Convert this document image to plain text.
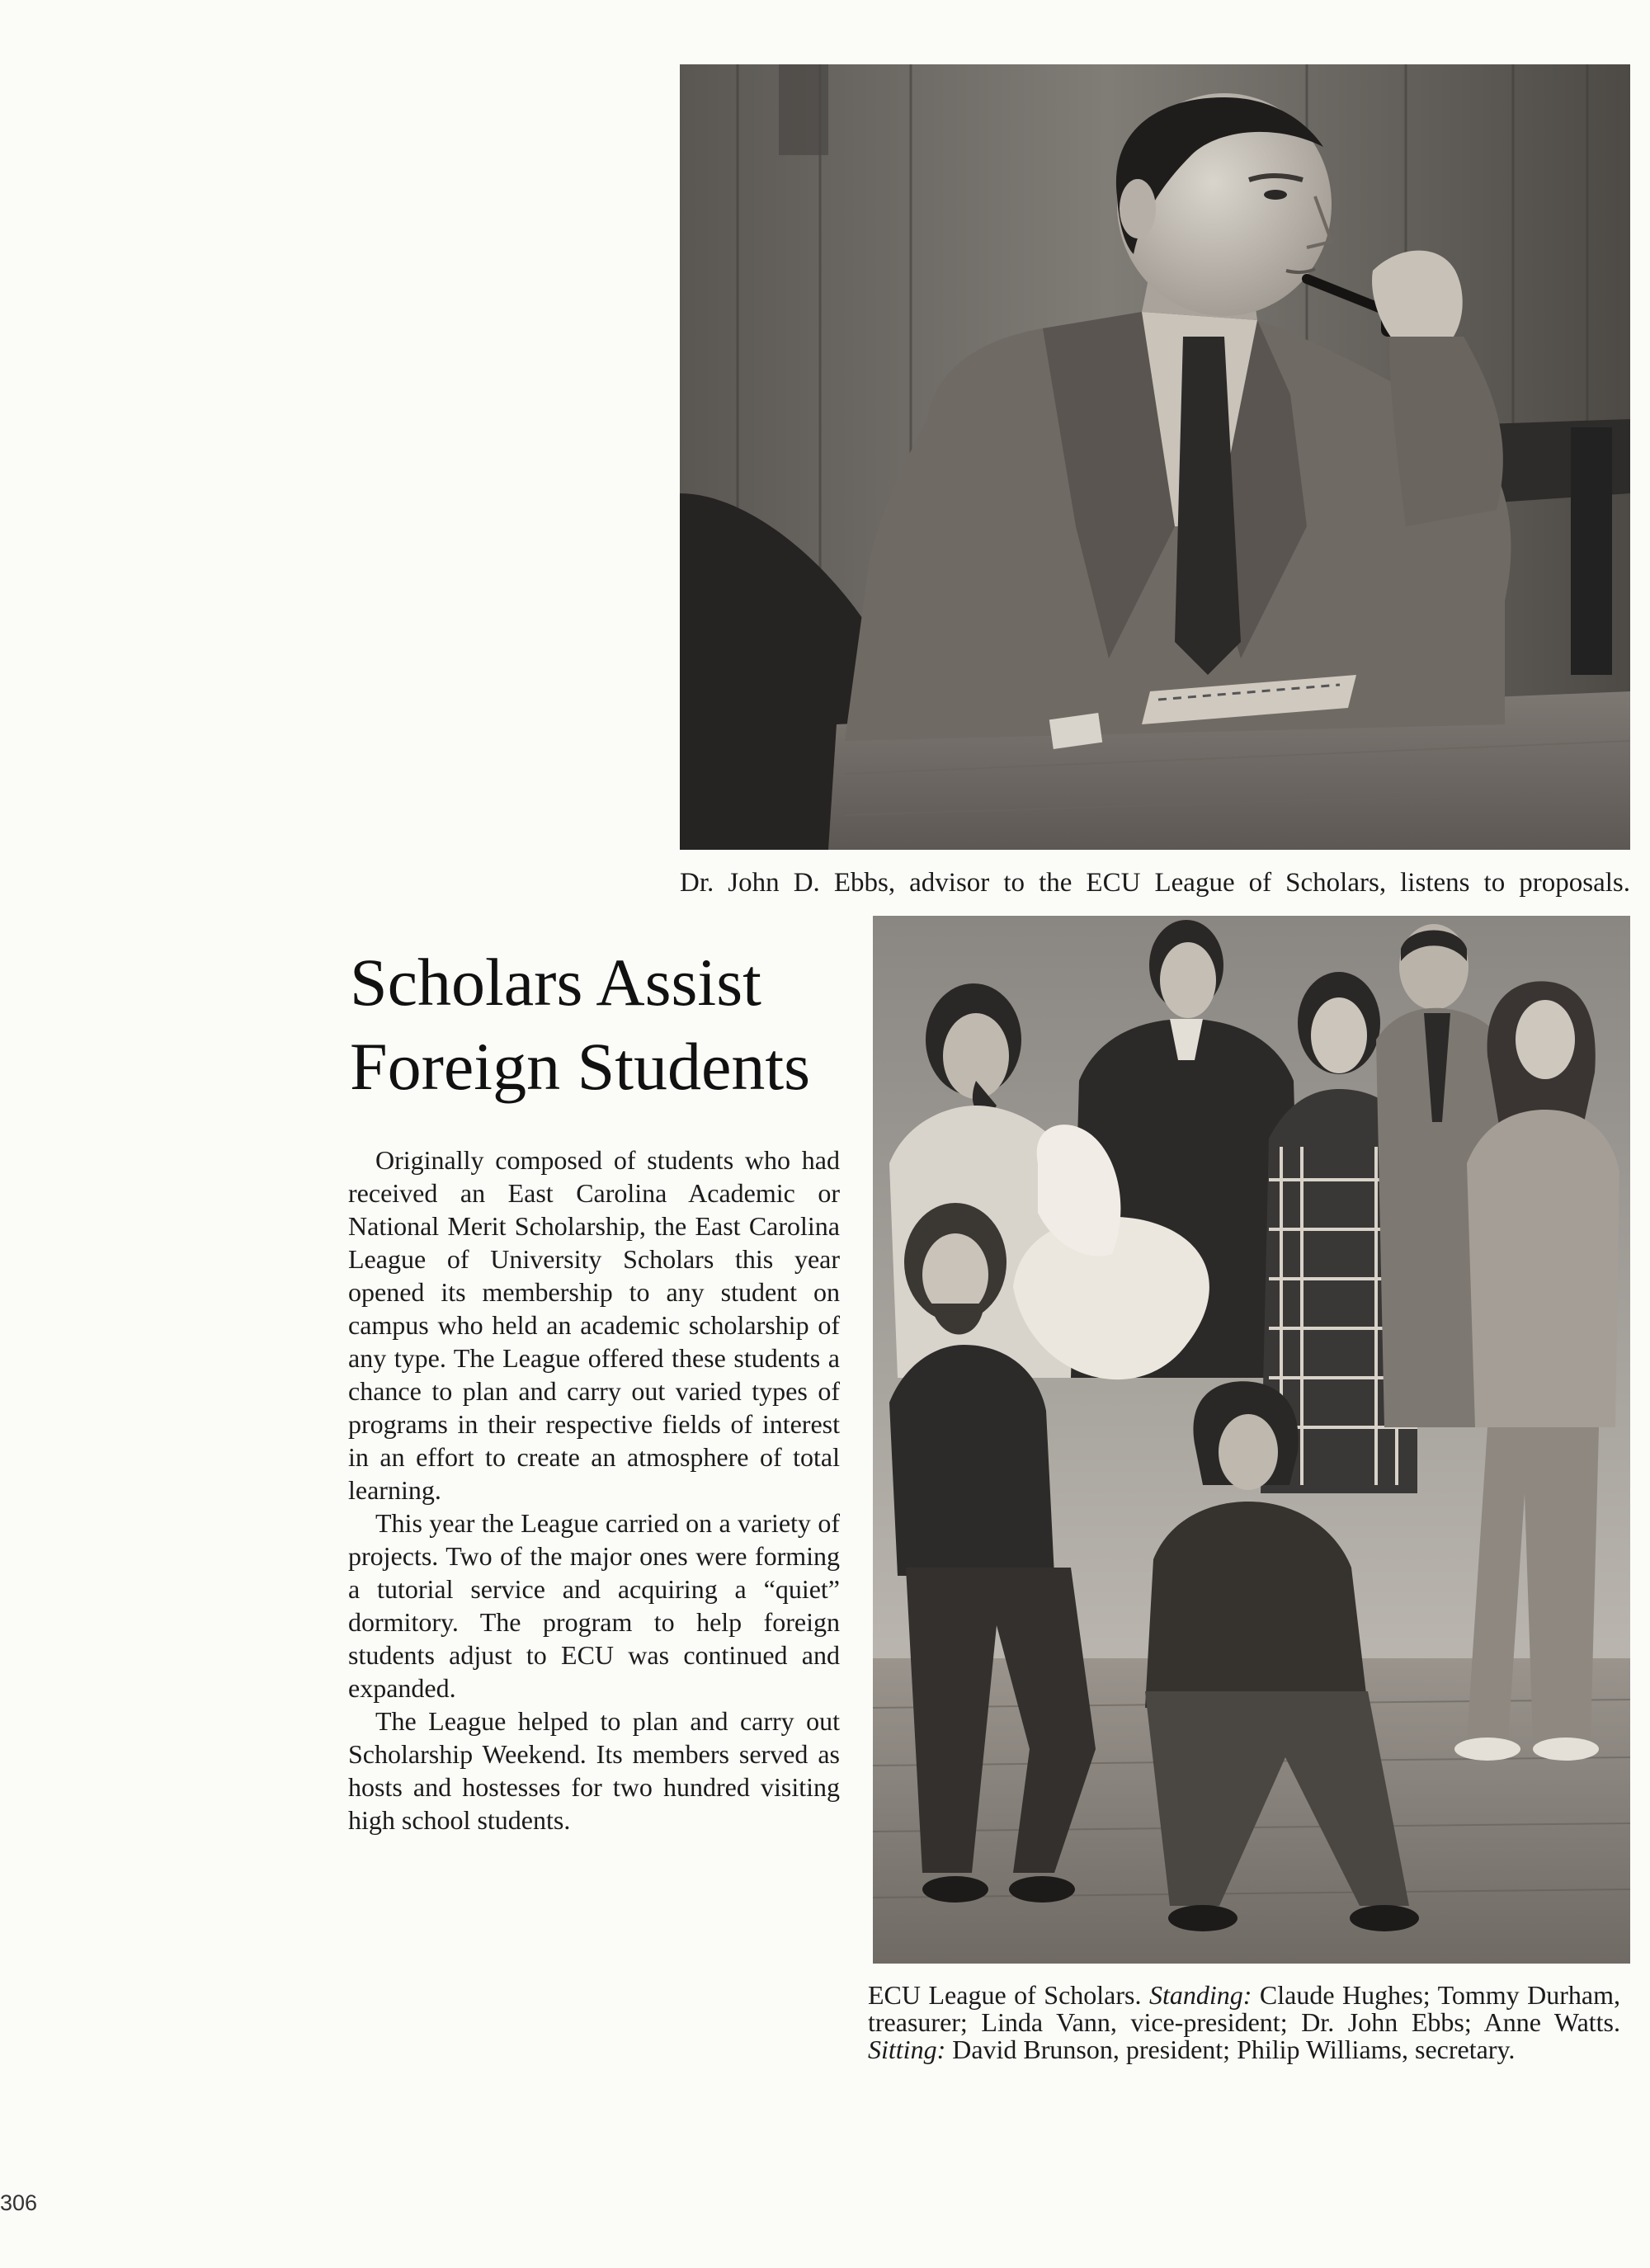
Dr. John D. Ebbs, advisor to the ECU League of Scholars, listens to proposals.
Scholars Assist
Foreign Students

Originally composed of students who had received an East Carolina Academic or National Merit Scholarship, the East Carolina League of University Scholars this year opened its membership to any student on campus who held an academic scholarship of any type. The League offered these students a chance to plan and carry out varied types of programs in their respective fields of interest in an effort to create an atmosphere of total learning.

This year the League carried on a variety of projects. Two of the major ones were forming a tutorial service and acquiring a “quiet” dormitory. The program to help foreign students adjust to ECU was continued and expanded.

The League helped to plan and carry out Scholarship Weekend. Its members served as hosts and hostesses for two hundred visiting high school students.

ECU League of Scholars. Standing: Claude Hughes; Tommy Durham, treasurer; Linda Vann, vice-president; Dr. John Ebbs; Anne Watts. Sitting: David Brunson, president; Philip Williams, secretary.
306
